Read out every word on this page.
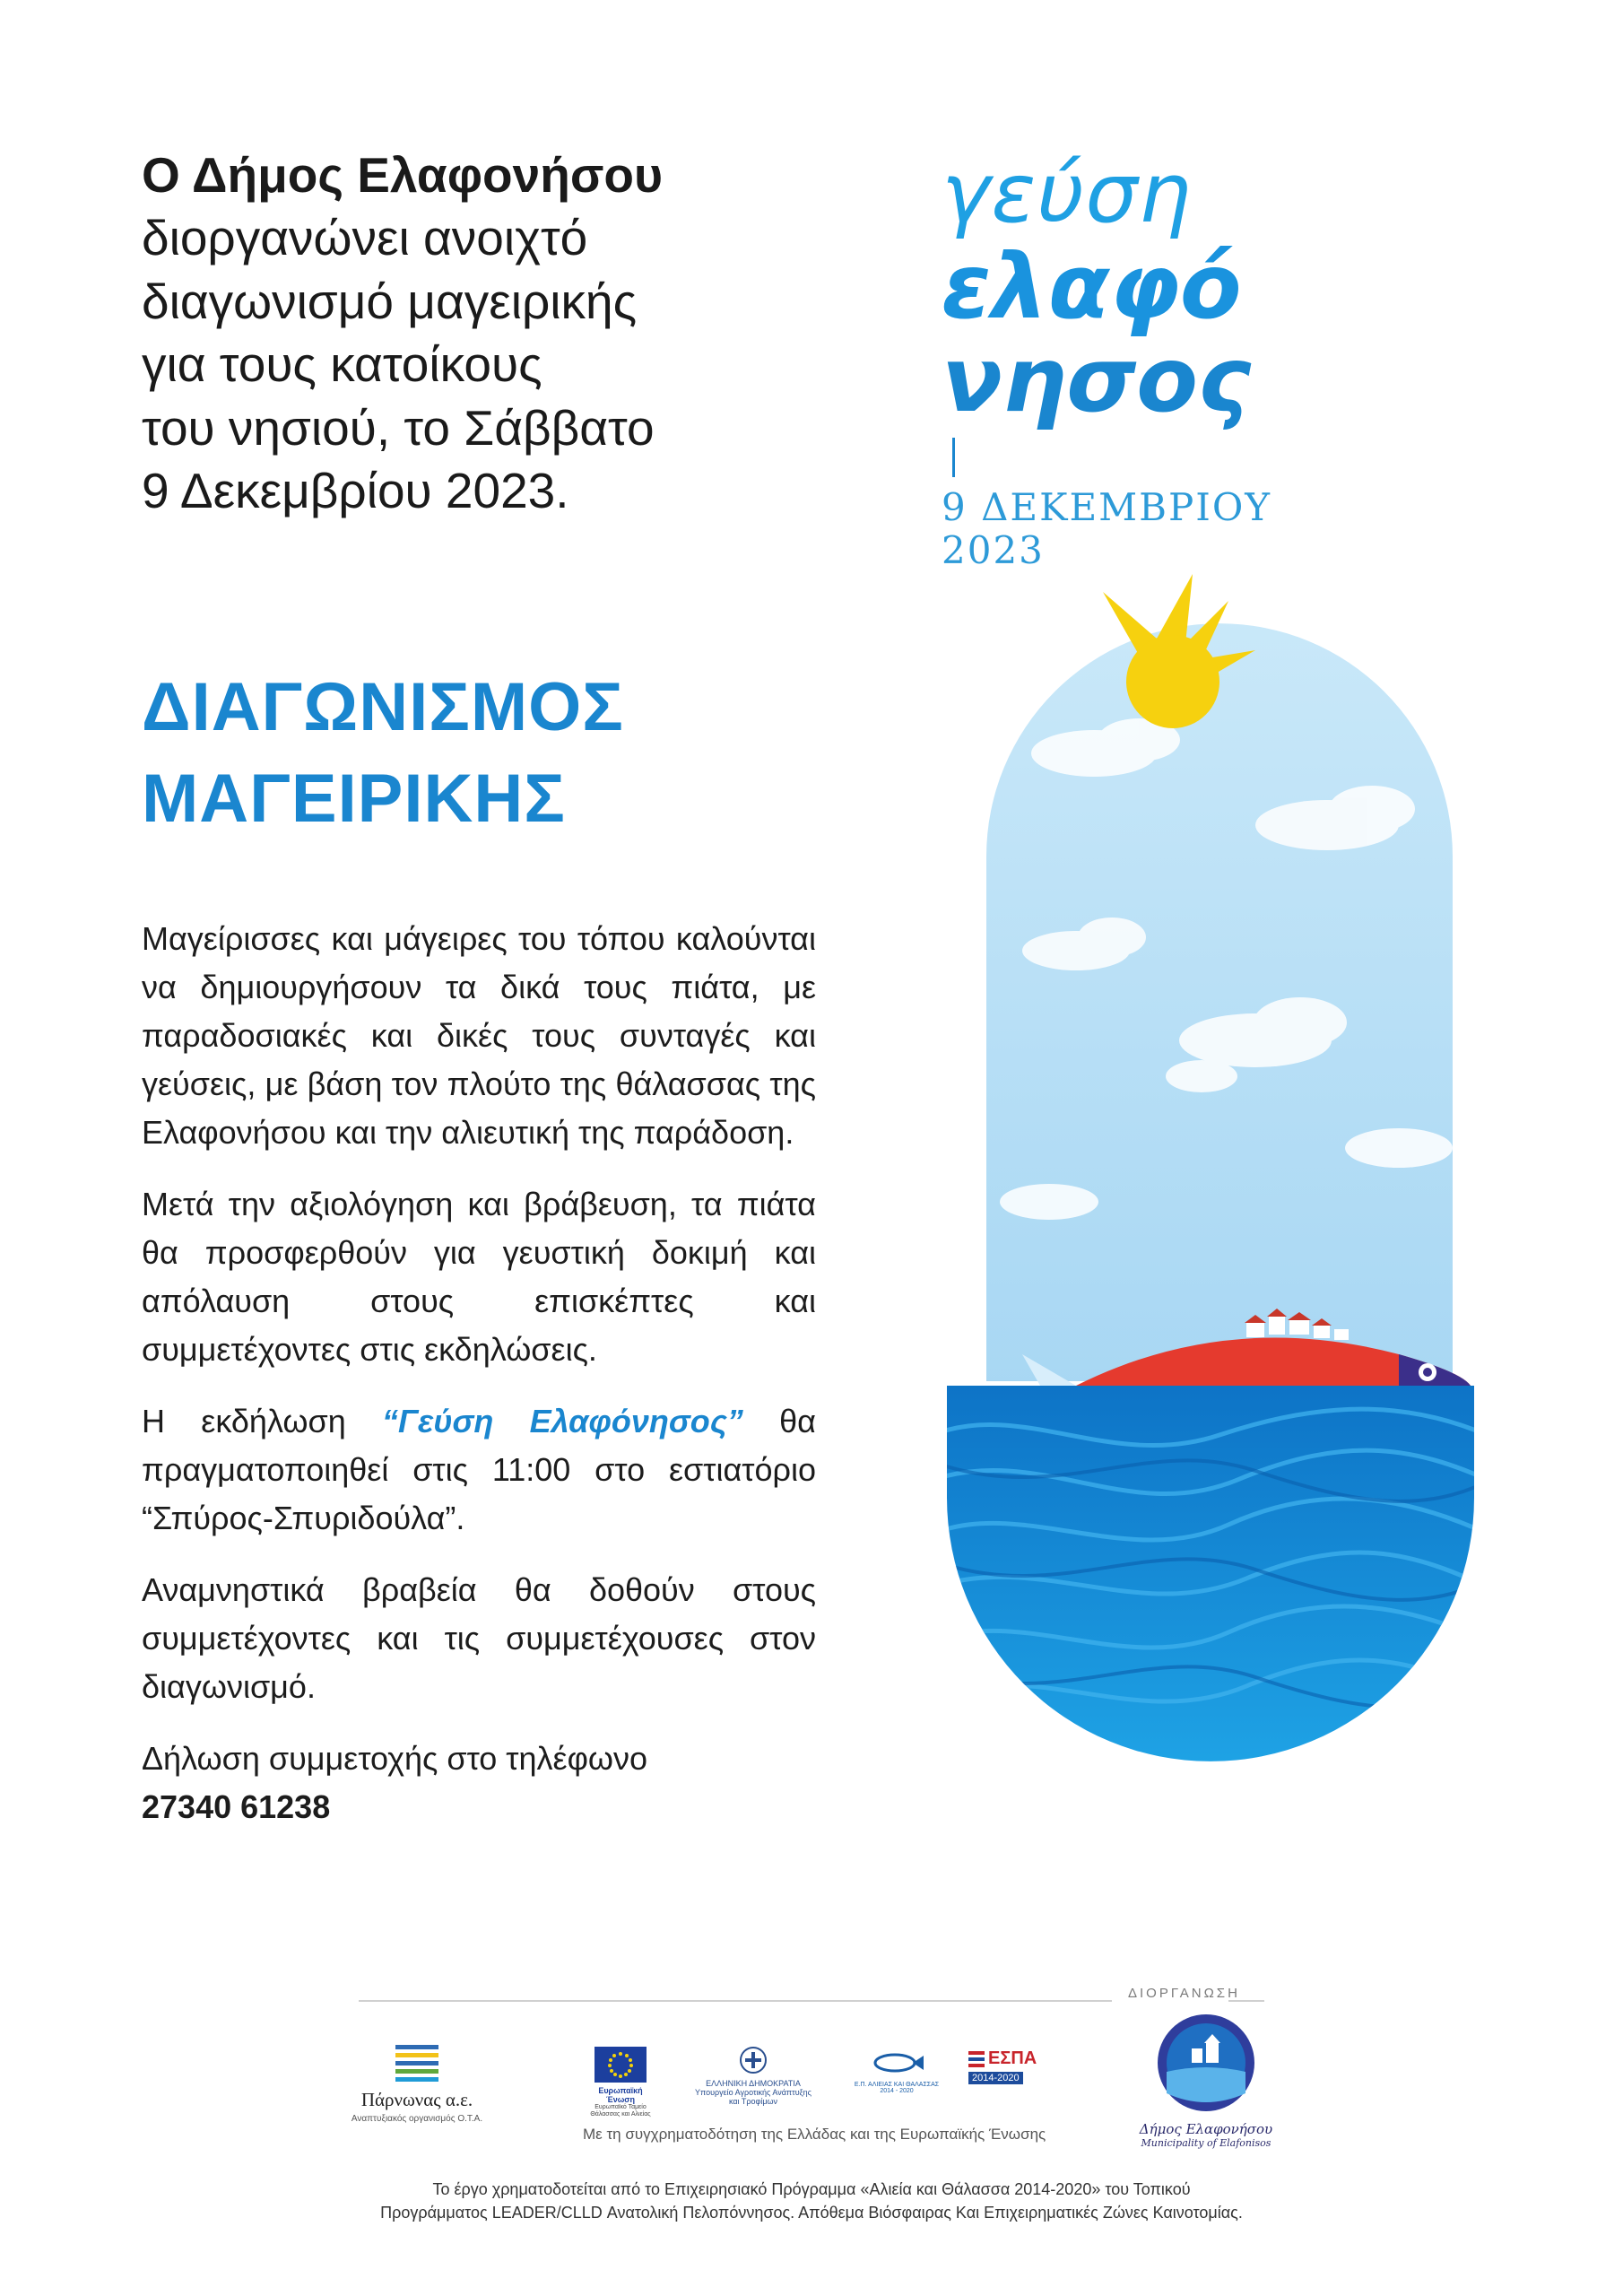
Ο Δήμος Ελαφονήσου
διοργανώνει ανοιχτό
διαγωνισμό μαγειρικής
για τους κατοίκους
του νησιού, το Σάββατο
9 Δεκεμβρίου 2023.
γεύση
ελαφό
νησος
9 ΔΕΚΕΜΒΡΙΟΥ
2023
ΔΙΑΓΩΝΙΣΜΟΣ
ΜΑΓΕΙΡΙΚΗΣ

Μαγείρισσες και μάγειρες του τόπου καλούνται να δημιουργήσουν τα δικά τους πιάτα, με παραδοσιακές και δικές τους συνταγές και γεύσεις, με βάση τον πλούτο της θάλασσας της Ελαφονήσου και την αλιευτική της παράδοση.

Μετά την αξιολόγηση και βράβευση, τα πιάτα θα προσφερθούν για γευστική δοκιμή και απόλαυση στους επισκέπτες και συμμετέχοντες στις εκδηλώσεις.

Η εκδήλωση “Γεύση Ελαφόνησος” θα πραγματοποιηθεί στις 11:00 στο εστιατόριο “Σπύρος-Σπυριδούλα”.

Αναμνηστικά βραβεία θα δοθούν στους συμμετέχοντες και τις συμμετέχουσες στον διαγωνισμό.

Δήλωση συμμετοχής στο τηλέφωνο
27340 61238

ΔΙΟΡΓΑΝΩΣΗ
Πάρνωνας α.ε.
Αναπτυξιακός οργανισμός Ο.Τ.Α.
Ευρωπαϊκή Ένωση
Ευρωπαϊκό Ταμείο Θάλασσας και Αλιείας
ΕΛΛΗΝΙΚΗ ΔΗΜΟΚΡΑΤΙΑ
Υπουργείο Αγροτικής Ανάπτυξης
και Τροφίμων
Ε.Π. ΑΛΙΕΙΑΣ ΚΑΙ ΘΑΛΑΣΣΑΣ
2014 - 2020
ΕΣΠΑ
2014-2020
Με τη συγχρηματοδότηση της Ελλάδας και της Ευρωπαϊκής Ένωσης	Δήμος Ελαφονήσου
Municipality of Elafonisos
Το έργο χρηματοδοτείται από το Επιχειρησιακό Πρόγραμμα «Αλιεία και Θάλασσα 2014-2020» του Τοπικού
Προγράμματος LEADER/CLLD Ανατολική Πελοπόννησος. Απόθεμα Βιόσφαιρας Και Επιχειρηματικές Ζώνες Καινοτομίας.
